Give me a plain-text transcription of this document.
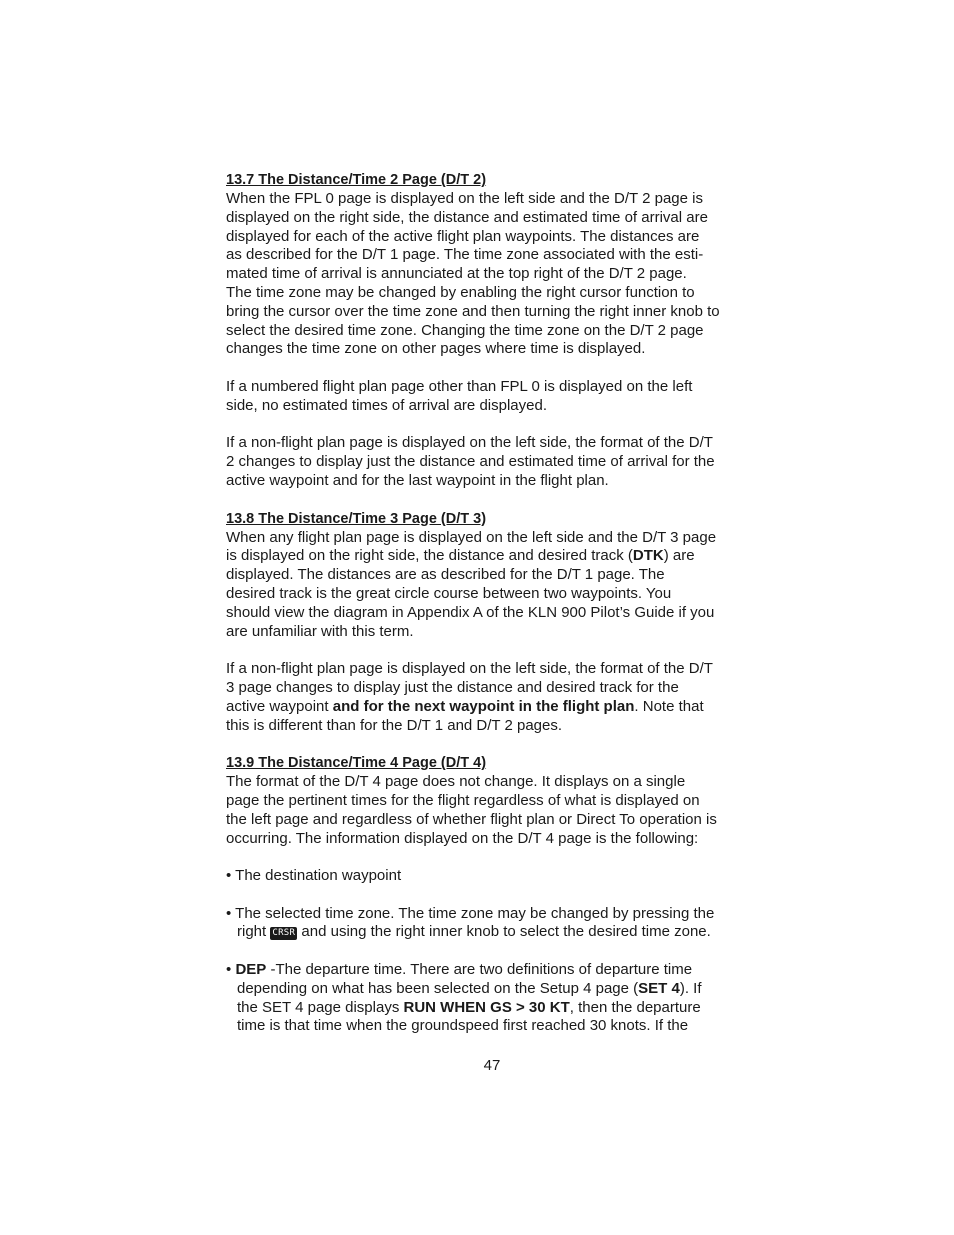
13.7 The Distance/Time 2 Page (D/T 2)
When the FPL 0 page is displayed on the left side and the D/T 2 page is
displayed on the right side, the distance and estimated time of arrival are
displayed for each of the active flight plan waypoints. The distances are
as described for the D/T 1 page. The time zone associated with the esti-
mated time of arrival is annunciated at the top right of the D/T 2 page.
The time zone may be changed by enabling the right cursor function to
bring the cursor over the time zone and then turning the right inner knob to
select the desired time zone. Changing the time zone on the D/T 2 page
changes the time zone on other pages where time is displayed.
If a numbered flight plan page other than FPL 0 is displayed on the left
side, no estimated times of arrival are displayed.
If a non-flight plan page is displayed on the left side, the format of the D/T
2 changes to display just the distance and estimated time of arrival for the
active waypoint and for the last waypoint in the flight plan.
13.8 The Distance/Time 3 Page (D/T 3)
When any flight plan page is displayed on the left side and the D/T 3 page
is displayed on the right side, the distance and desired track (DTK) are
displayed. The distances are as described for the D/T 1 page. The
desired track is the great circle course between two waypoints. You
should view the diagram in Appendix A of the KLN 900 Pilot’s Guide if you
are unfamiliar with this term.
If a non-flight plan page is displayed on the left side, the format of the D/T
3 page changes to display just the distance and desired track for the
active waypoint and for the next waypoint in the flight plan. Note that
this is different than for the D/T 1 and D/T 2 pages.
13.9 The Distance/Time 4 Page (D/T 4)
The format of the D/T 4 page does not change. It displays on a single
page the pertinent times for the flight regardless of what is displayed on
the left page and regardless of whether flight plan or Direct To operation is
occurring. The information displayed on the D/T 4 page is the following:
• The destination waypoint
• The selected time zone. The time zone may be changed by pressing the
right CRSR and using the right inner knob to select the desired time zone.
• DEP -The departure time. There are two definitions of departure time
depending on what has been selected on the Setup 4 page (SET 4). If
the SET 4 page displays RUN WHEN GS > 30 KT, then the departure
time is that time when the groundspeed first reached 30 knots. If the
47
